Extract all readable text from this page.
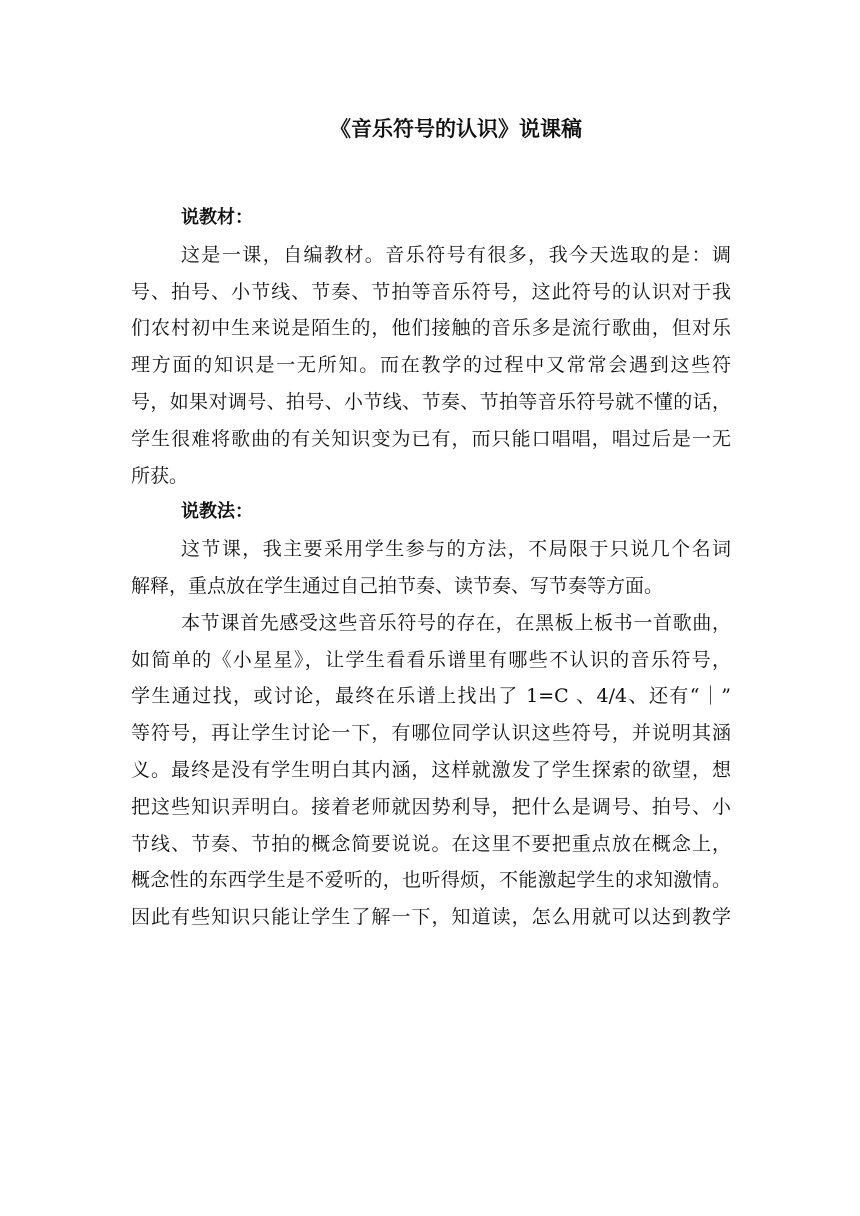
《音乐符号的认识》说课稿
说教材：
这是一课，自编教材。音乐符号有很多，我今天选取的是：调
号、拍号、小节线、节奏、节拍等音乐符号，这此符号的认识对于我
们农村初中生来说是陌生的，他们接触的音乐多是流行歌曲，但对乐
理方面的知识是一无所知。而在教学的过程中又常常会遇到这些符
号，如果对调号、拍号、小节线、节奏、节拍等音乐符号就不懂的话，
学生很难将歌曲的有关知识变为已有，而只能口唱唱，唱过后是一无
所获。
说教法：
这节课，我主要采用学生参与的方法，不局限于只说几个名词
解释，重点放在学生通过自己拍节奏、读节奏、写节奏等方面。
本节课首先感受这些音乐符号的存在，在黑板上板书一首歌曲，
如简单的《小星星》，让学生看看乐谱里有哪些不认识的音乐符号，
学生通过找，或讨论，最终在乐谱上找出了 1=C 、4/4、还有“｜”
等符号，再让学生讨论一下，有哪位同学认识这些符号，并说明其涵
义。最终是没有学生明白其内涵，这样就激发了学生探索的欲望，想
把这些知识弄明白。接着老师就因势利导，把什么是调号、拍号、小
节线、节奏、节拍的概念简要说说。在这里不要把重点放在概念上，
概念性的东西学生是不爱听的，也听得烦，不能激起学生的求知激情。
因此有些知识只能让学生了解一下，知道读，怎么用就可以达到教学
